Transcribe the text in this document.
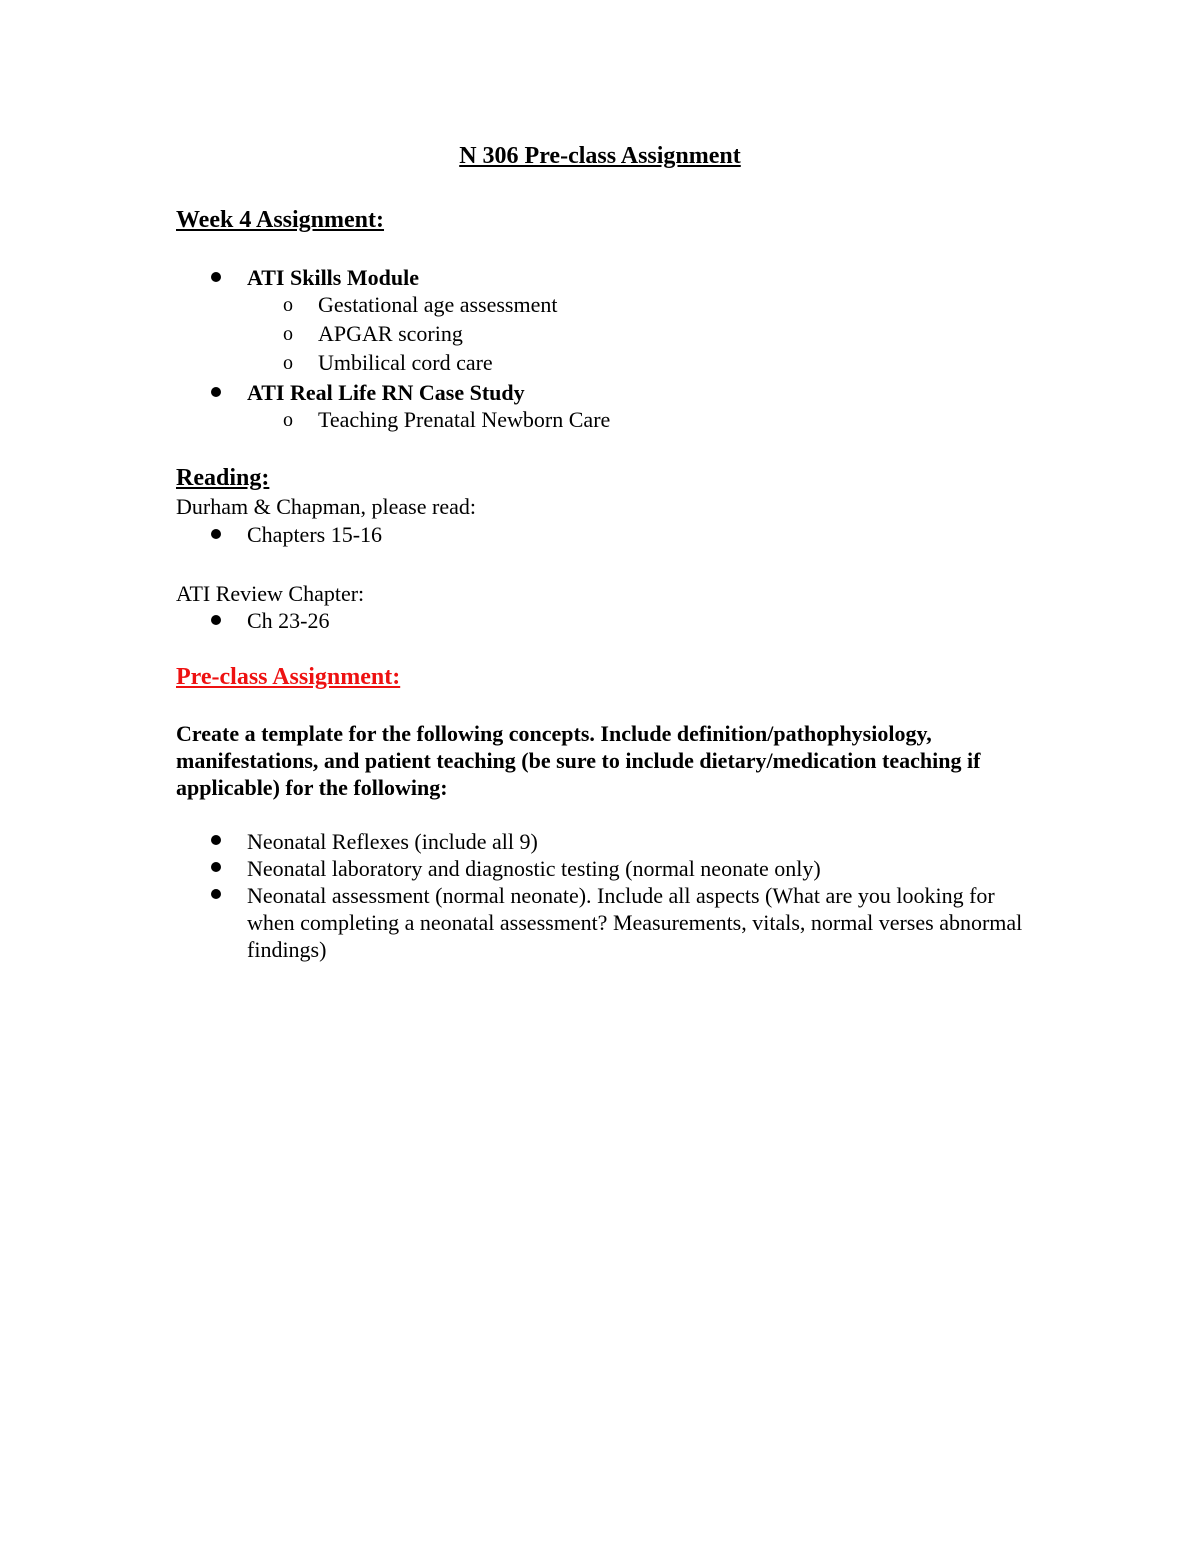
N 306 Pre-class Assignment
Week 4 Assignment:
ATI Skills Module
o Gestational age assessment
o APGAR scoring
o Umbilical cord care
ATI Real Life RN Case Study
o Teaching Prenatal Newborn Care
Reading:
Durham & Chapman, please read:
Chapters 15-16
ATI Review Chapter:
Ch 23-26
Pre-class Assignment:
Create a template for the following concepts. Include definition/pathophysiology, manifestations, and patient teaching (be sure to include dietary/medication teaching if applicable) for the following:
Neonatal Reflexes (include all 9)
Neonatal laboratory and diagnostic testing (normal neonate only)
Neonatal assessment (normal neonate). Include all aspects (What are you looking for when completing a neonatal assessment? Measurements, vitals, normal verses abnormal findings)
